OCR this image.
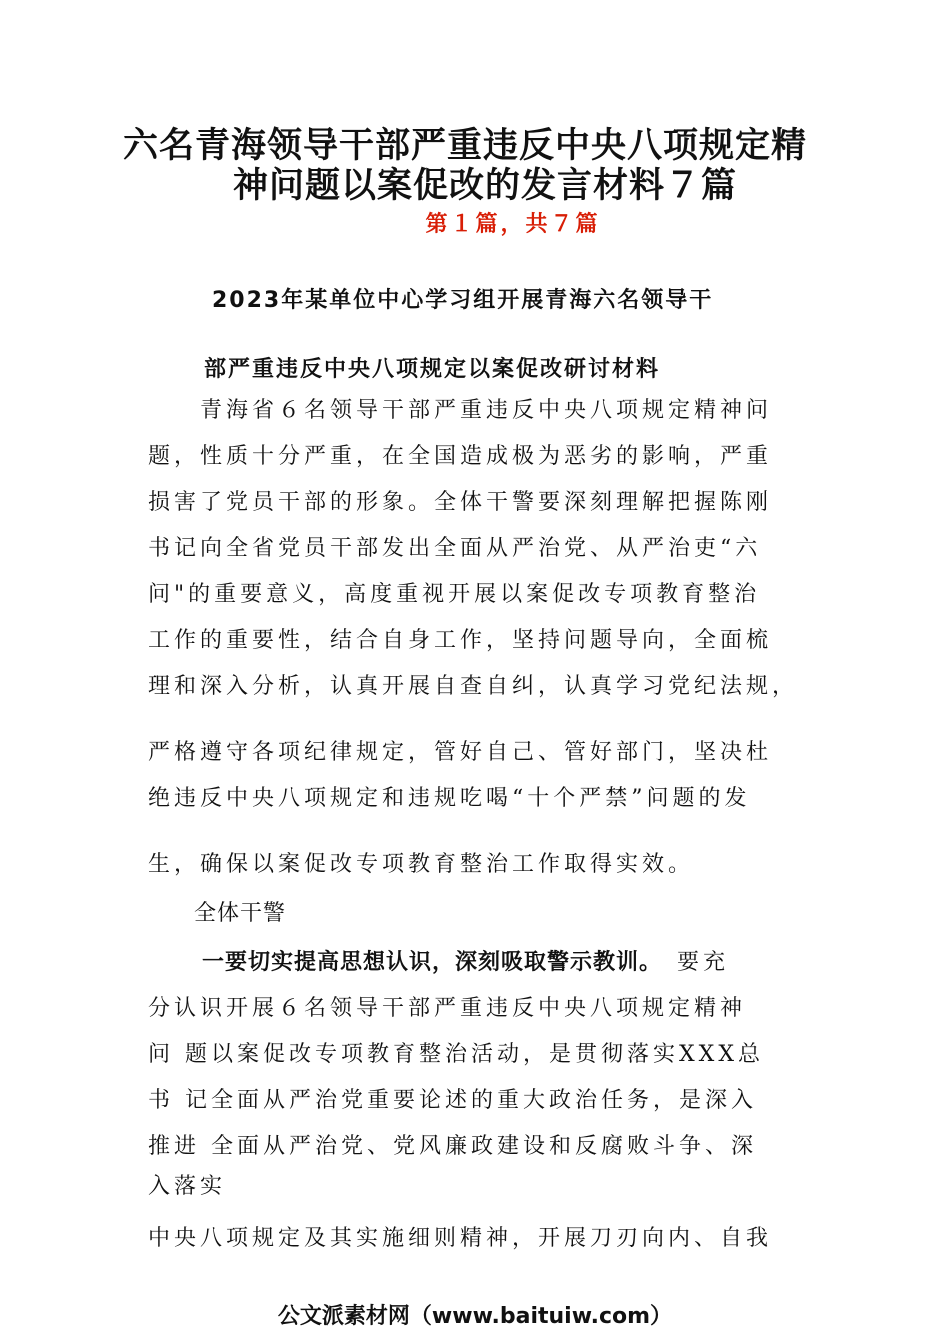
六名青海领导干部严重违反中央八项规定精
神问题以案促改的发言材料７篇

第１篇，共７篇

2023年某单位中心学习组开展青海六名领导干
部严重违反中央八项规定以案促改研讨材料

　　青海省６名领导干部严重违反中央八项规定精神问

题，性质十分严重，在全国造成极为恶劣的影响，严重

损害了党员干部的形象。全体干警要深刻理解把握陈刚

书记向全省党员干部发出全面从严治党、从严治吏“六

问"的重要意义，高度重视开展以案促改专项教育整治

工作的重要性，结合自身工作，坚持问题导向，全面梳

理和深入分析，认真开展自查自纠，认真学习党纪法规，

严格遵守各项纪律规定，管好自己、管好部门，坚决杜

绝违反中央八项规定和违规吃喝“十个严禁”问题的发

生，确保以案促改专项教育整治工作取得实效。

　　全体干警

一要切实提高思想认识，深刻吸取警示教训。　要充

分认识开展６名领导干部严重违反中央八项规定精神

问 题以案促改专项教育整治活动，是贯彻落实XXX总

书 记全面从严治党重要论述的重大政治任务，是深入

推进 全面从严治党、党风廉政建设和反腐败斗争、深

入落实

中央八项规定及其实施细则精神，开展刀刃向内、自我

公文派素材网（www.baituiw.com）
